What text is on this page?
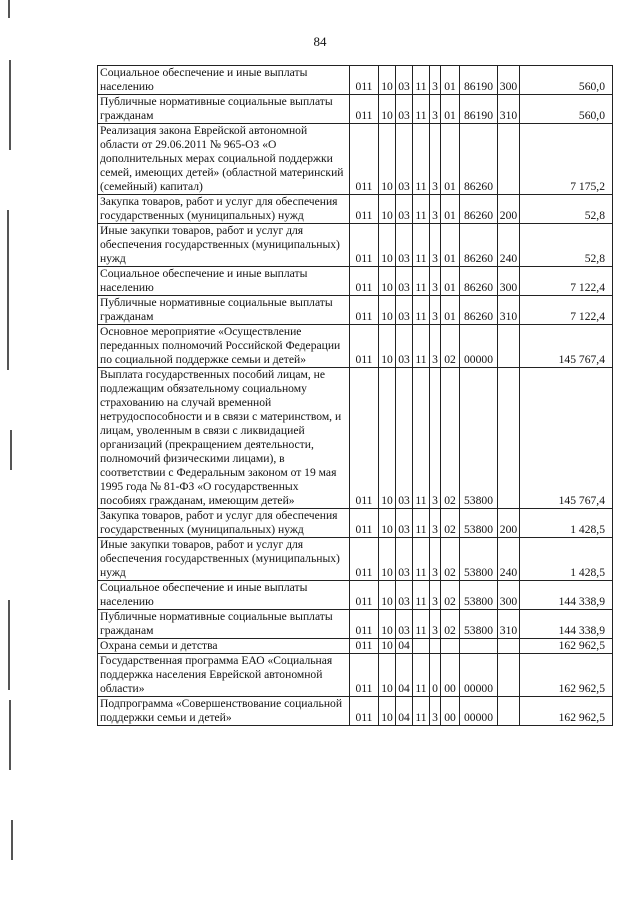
84
Социальное обеспечение и иные выплаты населению	011	10	03	11	3	01	86190	300	560,0
Публичные нормативные социальные выплаты гражданам	011	10	03	11	3	01	86190	310	560,0
Реализация закона Еврейской автономной области от 29.06.2011 № 965-ОЗ «О дополнительных мерах социальной поддержки семей, имеющих детей» (областной материнский (семейный) капитал)	011	10	03	11	3	01	86260		7 175,2
Закупка товаров, работ и услуг для обеспечения государственных (муниципальных) нужд	011	10	03	11	3	01	86260	200	52,8
Иные закупки товаров, работ и услуг для обеспечения государственных (муниципальных) нужд	011	10	03	11	3	01	86260	240	52,8
Социальное обеспечение и иные выплаты населению	011	10	03	11	3	01	86260	300	7 122,4
Публичные нормативные социальные выплаты гражданам	011	10	03	11	3	01	86260	310	7 122,4
Основное мероприятие «Осуществление переданных полномочий Российской Федерации по социальной поддержке семьи и детей»	011	10	03	11	3	02	00000		145 767,4
Выплата государственных пособий лицам, не подлежащим обязательному социальному страхованию на случай временной нетрудоспособности и в связи с материнством, и лицам, уволенным в связи с ликвидацией организаций (прекращением деятельности, полномочий физическими лицами), в соответствии с Федеральным законом от 19 мая 1995 года № 81-ФЗ «О государственных пособиях гражданам, имеющим детей»	011	10	03	11	3	02	53800		145 767,4
Закупка товаров, работ и услуг для обеспечения государственных (муниципальных) нужд	011	10	03	11	3	02	53800	200	1 428,5
Иные закупки товаров, работ и услуг для обеспечения государственных (муниципальных) нужд	011	10	03	11	3	02	53800	240	1 428,5
Социальное обеспечение и иные выплаты населению	011	10	03	11	3	02	53800	300	144 338,9
Публичные нормативные социальные выплаты гражданам	011	10	03	11	3	02	53800	310	144 338,9
Охрана семьи и детства	011	10	04						162 962,5
Государственная программа ЕАО «Социальная поддержка населения Еврейской автономной области»	011	10	04	11	0	00	00000		162 962,5
Подпрограмма «Совершенствование социальной поддержки семьи и детей»	011	10	04	11	3	00	00000		162 962,5
